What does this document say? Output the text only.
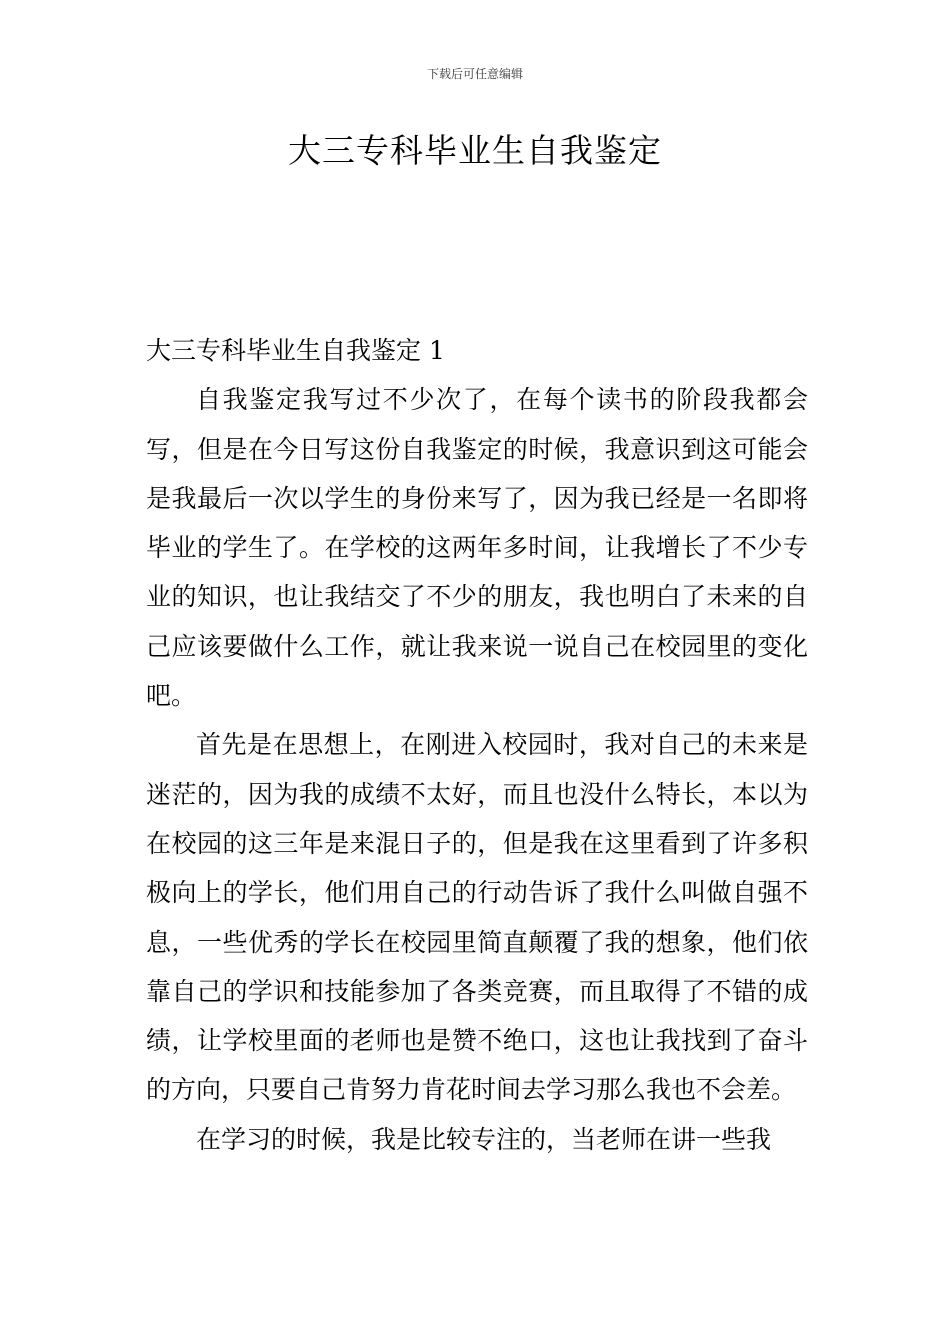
下载后可任意编辑
大三专科毕业生自我鉴定
大三专科毕业生自我鉴定 1

自我鉴定我写过不少次了，在每个读书的阶段我都会写，但是在今日写这份自我鉴定的时候，我意识到这可能会是我最后一次以学生的身份来写了，因为我已经是一名即将毕业的学生了。在学校的这两年多时间，让我增长了不少专业的知识，也让我结交了不少的朋友，我也明白了未来的自己应该要做什么工作，就让我来说一说自己在校园里的变化吧。

首先是在思想上，在刚进入校园时，我对自己的未来是迷茫的，因为我的成绩不太好，而且也没什么特长，本以为在校园的这三年是来混日子的，但是我在这里看到了许多积极向上的学长，他们用自己的行动告诉了我什么叫做自强不息，一些优秀的学长在校园里简直颠覆了我的想象，他们依靠自己的学识和技能参加了各类竞赛，而且取得了不错的成绩，让学校里面的老师也是赞不绝口，这也让我找到了奋斗的方向，只要自己肯努力肯花时间去学习那么我也不会差。

在学习的时候，我是比较专注的，当老师在讲一些我
